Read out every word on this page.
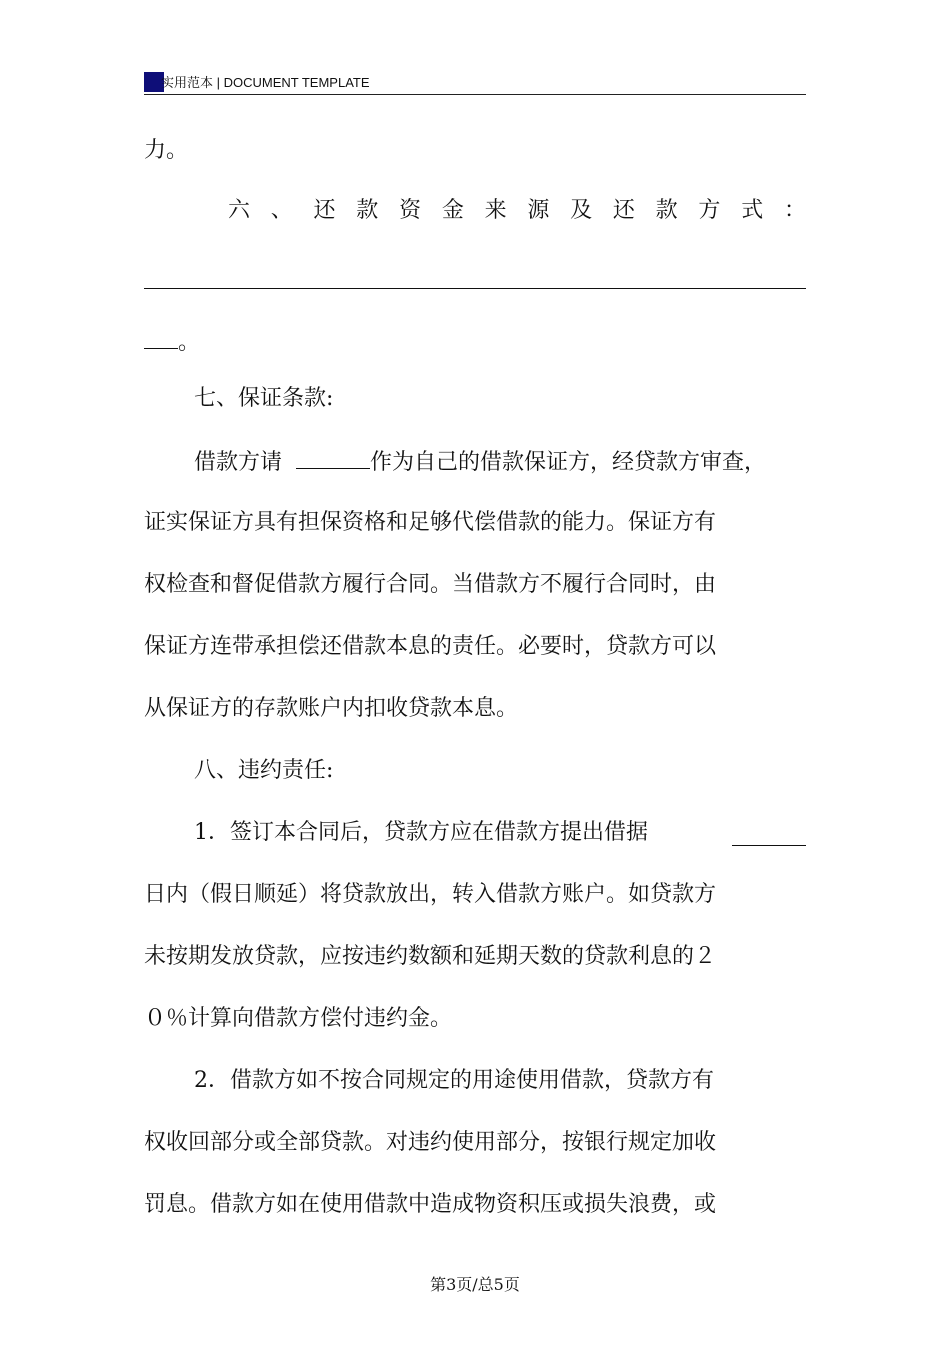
实用范本 | DOCUMENT TEMPLATE
力。
六 、 还 款 资 金 来 源 及 还 款 方 式 ：
。
七、保证条款:
借款方请	作为自己的借款保证方，经贷款方审查，
证实保证方具有担保资格和足够代偿借款的能力。保证方有
权检查和督促借款方履行合同。当借款方不履行合同时，由
保证方连带承担偿还借款本息的责任。必要时，贷款方可以
从保证方的存款账户内扣收贷款本息。
八、违约责任:
1．签订本合同后，贷款方应在借款方提出借据
日内（假日顺延）将贷款放出，转入借款方账户。如贷款方
未按期发放贷款，应按违约数额和延期天数的贷款利息的２
０％计算向借款方偿付违约金。
2．借款方如不按合同规定的用途使用借款，贷款方有
权收回部分或全部贷款。对违约使用部分，按银行规定加收
罚息。借款方如在使用借款中造成物资积压或损失浪费，或
第3页/总5页
